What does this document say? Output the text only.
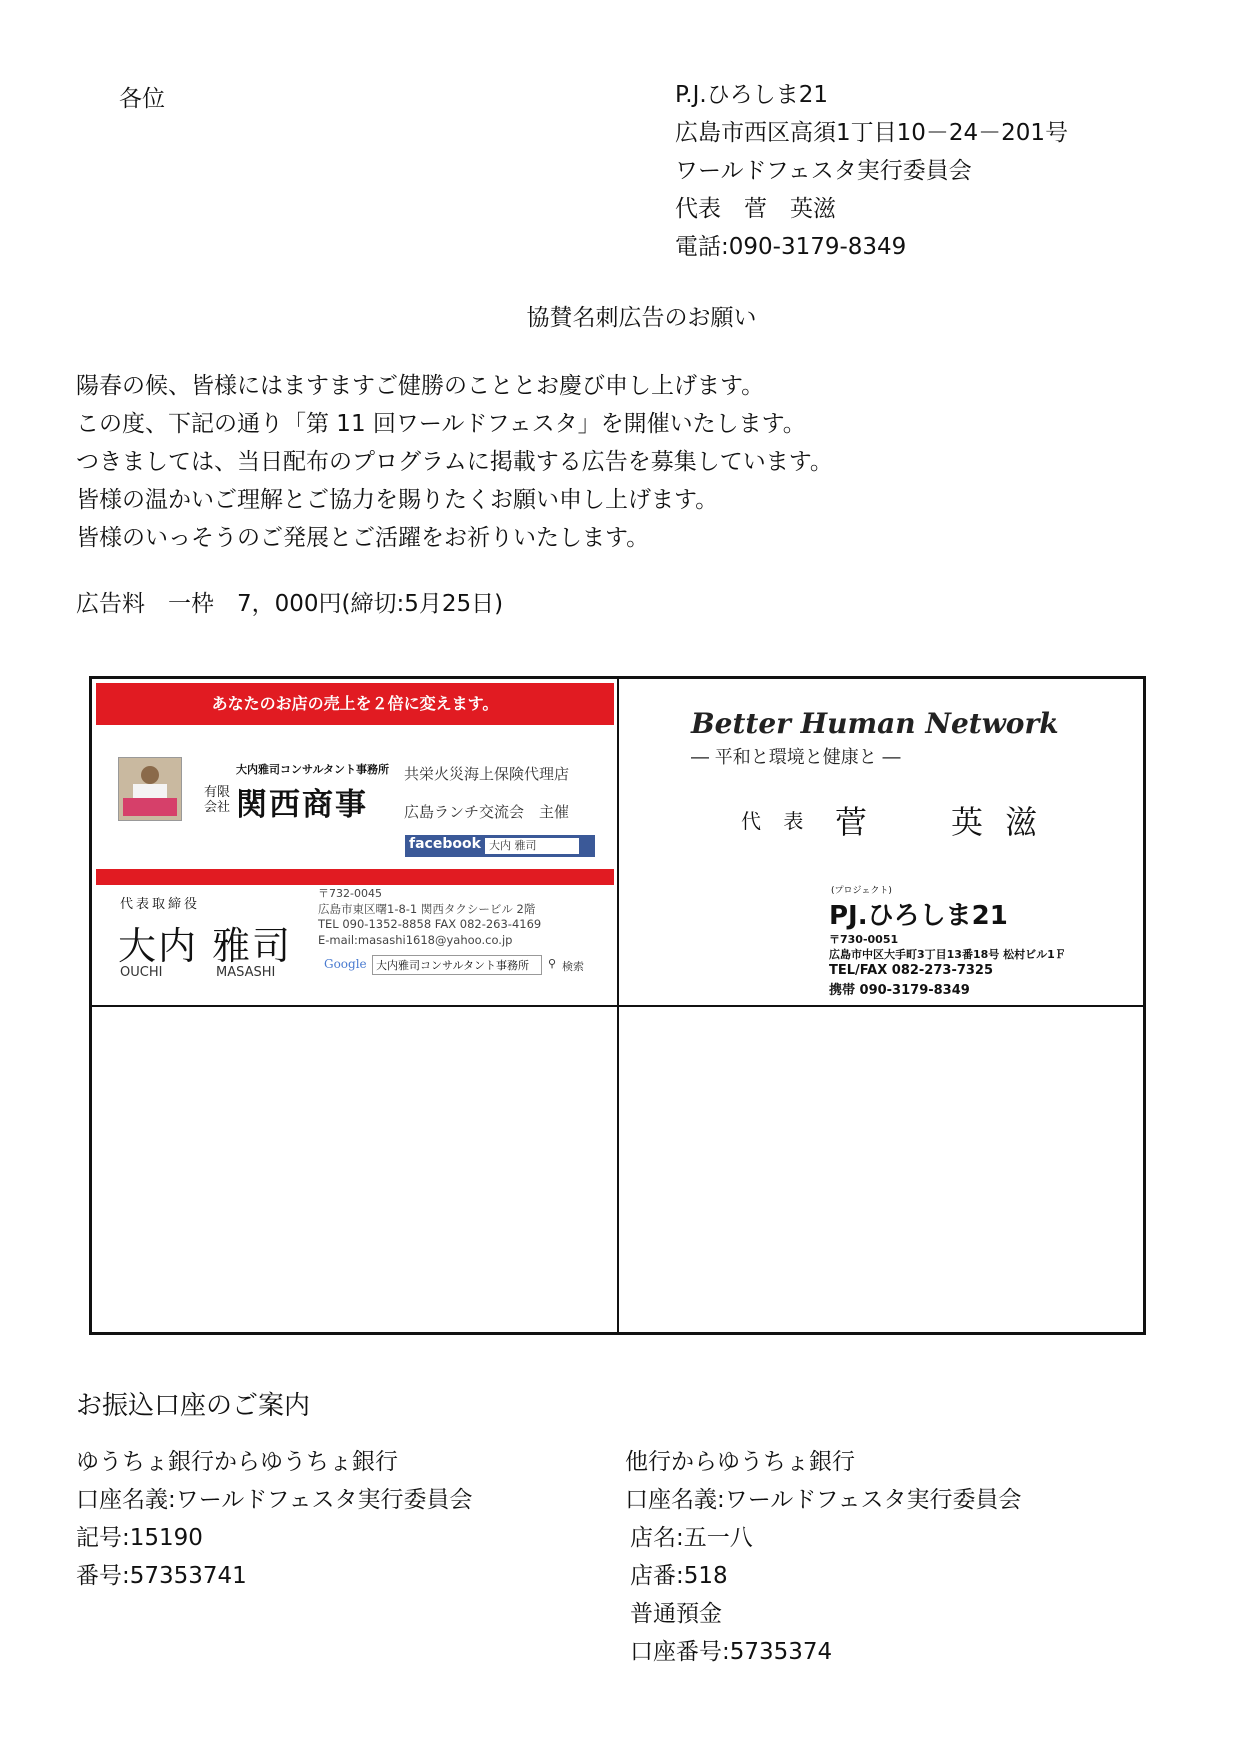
各位	P.J.ひろしま21
広島市西区高須1丁目10－24－201号
ワールドフェスタ実行委員会
代表　菅　英滋
電話:090-3179-8349
協賛名刺広告のお願い
陽春の候、皆様にはますますご健勝のこととお慶び申し上げます。
この度、下記の通り「第 11 回ワールドフェスタ」を開催いたします。
つきましては、当日配布のプログラムに掲載する広告を募集しています。
皆様の温かいご理解とご協力を賜りたくお願い申し上げます。
皆様のいっそうのご発展とご活躍をお祈りいたします。
広告料　一枠　7，000円(締切:5月25日)
あなたのお店の売上を２倍に変えます。
大内雅司コンサルタント事務所
有限
会社 関西商事
共栄火災海上保険代理店
広島ランチ交流会　主催
facebook 大内 雅司
代表取締役
大内 雅司
OUCHI	MASASHI
〒732-0045
広島市東区曙1-8-1 関西タクシービル 2階
TEL 090-1352-8858 FAX 082-263-4169
E-mail:masashi1618@yahoo.co.jp
Google 大内雅司コンサルタント事務所	⚲ 検索
Better Human Network
― 平和と環境と健康と ―
代 表 菅	英 滋
(プロジェクト)
PJ.ひろしま21
〒730-0051
広島市中区大手町3丁目13番18号 松村ビル1Ｆ
TEL/FAX 082-273-7325
携帯 090-3179-8349
お振込口座のご案内
ゆうちょ銀行からゆうちょ銀行
口座名義:ワールドフェスタ実行委員会
記号:15190
番号:57353741
他行からゆうちょ銀行
口座名義:ワールドフェスタ実行委員会
店名:五一八
店番:518
普通預金
口座番号:5735374
